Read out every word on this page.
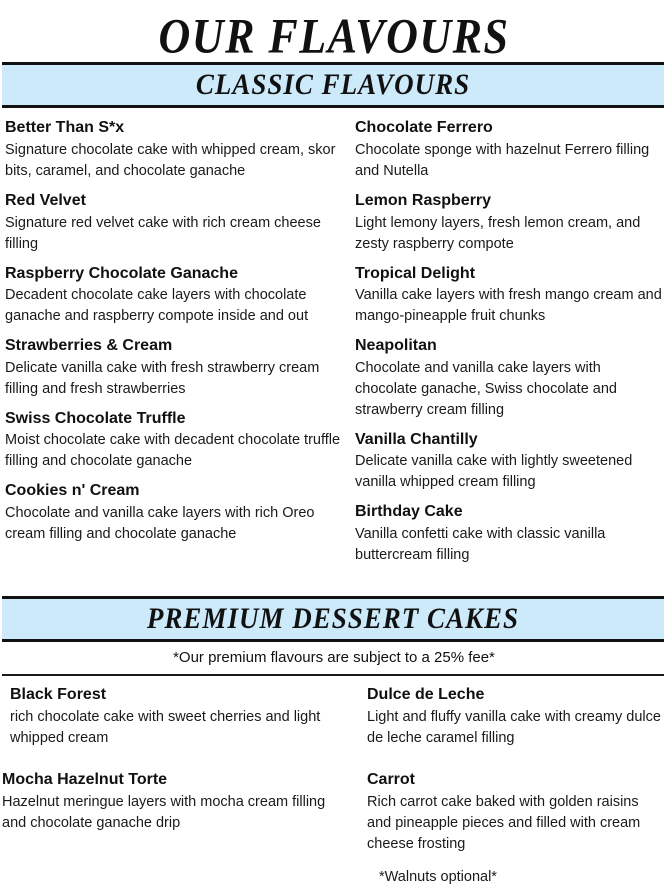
OUR FLAVOURS
CLASSIC FLAVOURS
Better Than S*x
Signature chocolate cake with whipped cream, skor bits, caramel, and chocolate ganache
Red Velvet
Signature red velvet cake with rich cream cheese filling
Raspberry Chocolate Ganache
Decadent chocolate cake layers with chocolate ganache and raspberry compote inside and out
Strawberries & Cream
Delicate vanilla cake with fresh strawberry cream filling and fresh strawberries
Swiss Chocolate Truffle
Moist chocolate cake with decadent chocolate truffle filling and chocolate ganache
Cookies n' Cream
Chocolate and vanilla cake layers with rich Oreo cream filling and chocolate ganache
Chocolate Ferrero
Chocolate sponge with hazelnut Ferrero filling and Nutella
Lemon Raspberry
Light lemony layers, fresh lemon cream, and zesty raspberry compote
Tropical Delight
Vanilla cake layers with fresh mango cream and mango-pineapple fruit chunks
Neapolitan
Chocolate and vanilla cake layers with chocolate ganache, Swiss chocolate and strawberry cream filling
Vanilla Chantilly
Delicate vanilla cake with lightly sweetened vanilla whipped cream filling
Birthday Cake
Vanilla confetti cake with classic vanilla buttercream filling
PREMIUM DESSERT CAKES
*Our premium flavours are subject to a 25% fee*
Black Forest
rich chocolate cake with sweet cherries and light whipped cream
Mocha Hazelnut Torte
Hazelnut meringue layers with mocha cream filling and chocolate ganache drip
Dulce de Leche
Light and fluffy vanilla cake with creamy dulce de leche caramel filling
Carrot
Rich carrot cake baked with golden raisins and pineapple pieces and filled with cream cheese frosting
*Walnuts optional*
